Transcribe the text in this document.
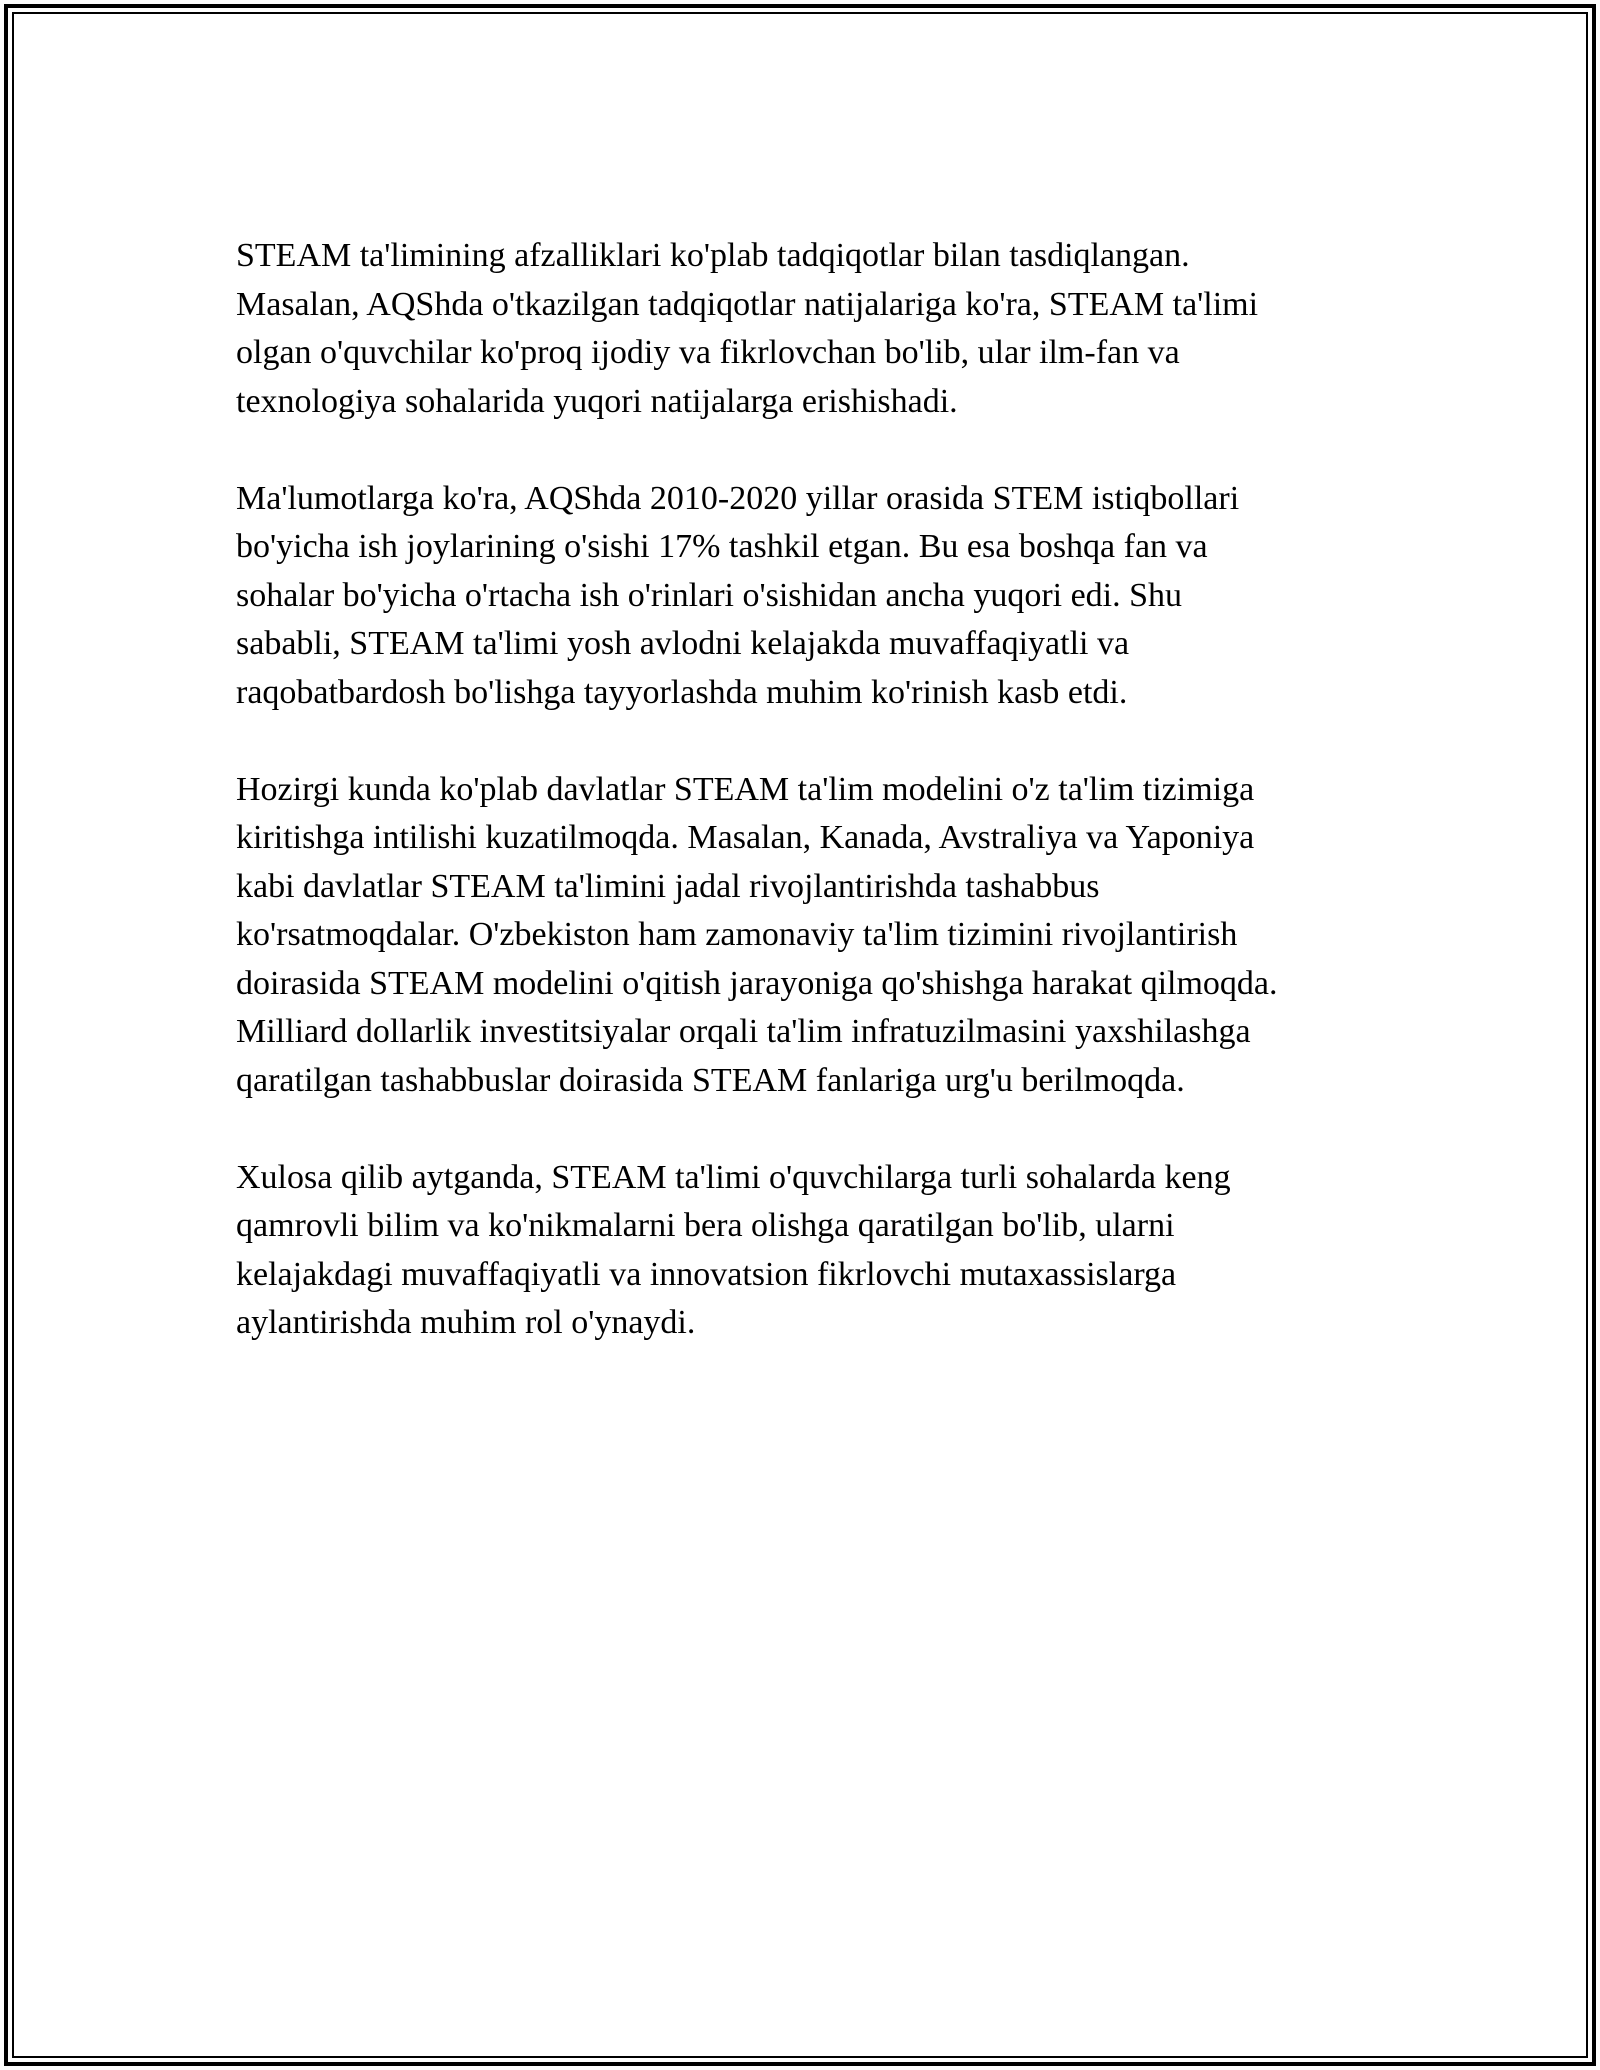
STEAM ta'limining afzalliklari ko'plab tadqiqotlar bilan tasdiqlangan.
Masalan, AQShda o'tkazilgan tadqiqotlar natijalariga ko'ra, STEAM ta'limi
olgan o'quvchilar ko'proq ijodiy va fikrlovchan bo'lib, ular ilm-fan va
texnologiya sohalarida yuqori natijalarga erishishadi.

Ma'lumotlarga ko'ra, AQShda 2010-2020 yillar orasida STEM istiqbollari
bo'yicha ish joylarining o'sishi 17% tashkil etgan. Bu esa boshqa fan va
sohalar bo'yicha o'rtacha ish o'rinlari o'sishidan ancha yuqori edi. Shu
sababli, STEAM ta'limi yosh avlodni kelajakda muvaffaqiyatli va
raqobatbardosh bo'lishga tayyorlashda muhim ko'rinish kasb etdi.

Hozirgi kunda ko'plab davlatlar STEAM ta'lim modelini o'z ta'lim tizimiga
kiritishga intilishi kuzatilmoqda. Masalan, Kanada, Avstraliya va Yaponiya
kabi davlatlar STEAM ta'limini jadal rivojlantirishda tashabbus
ko'rsatmoqdalar. O'zbekiston ham zamonaviy ta'lim tizimini rivojlantirish
doirasida STEAM modelini o'qitish jarayoniga qo'shishga harakat qilmoqda.
Milliard dollarlik investitsiyalar orqali ta'lim infratuzilmasini yaxshilashga
qaratilgan tashabbuslar doirasida STEAM fanlariga urg'u berilmoqda.

Xulosa qilib aytganda, STEAM ta'limi o'quvchilarga turli sohalarda keng
qamrovli bilim va ko'nikmalarni bera olishga qaratilgan bo'lib, ularni
kelajakdagi muvaffaqiyatli va innovatsion fikrlovchi mutaxassislarga
aylantirishda muhim rol o'ynaydi.
